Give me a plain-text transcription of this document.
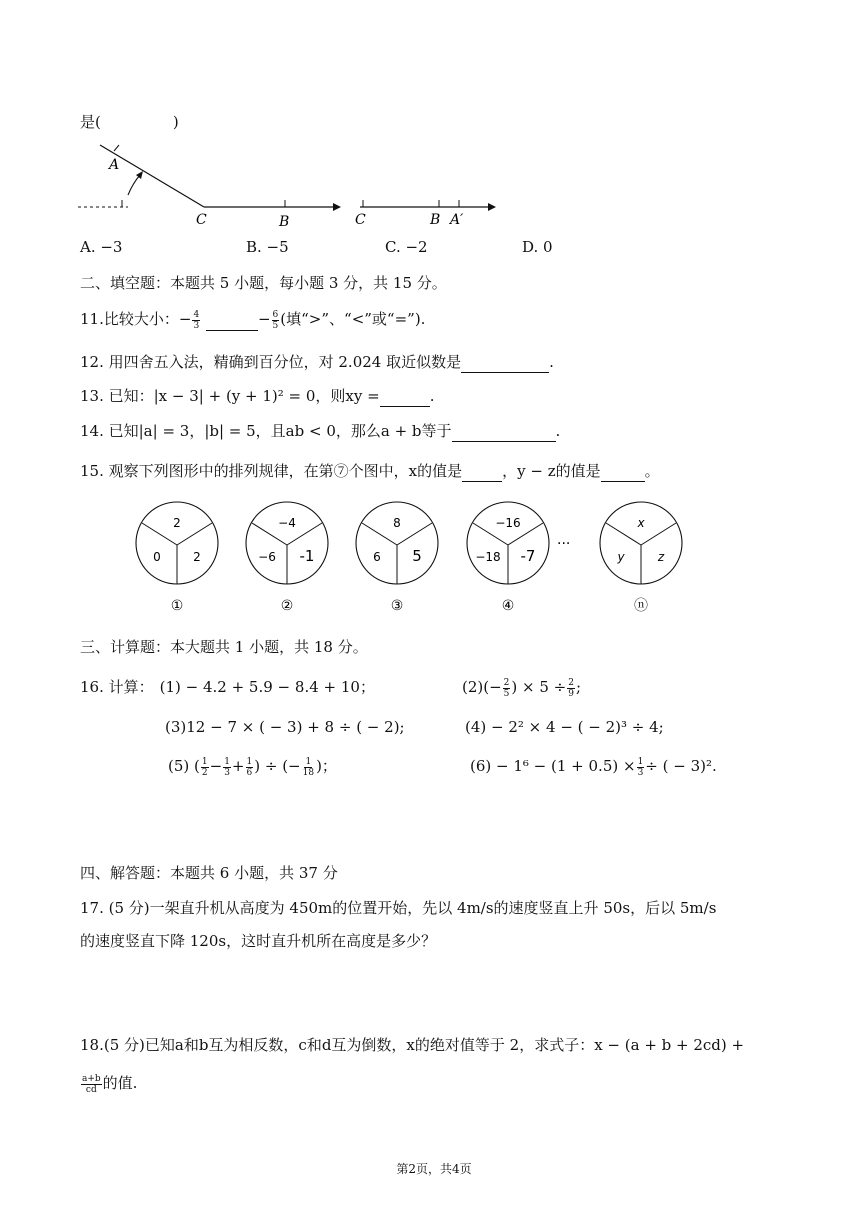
是(	)
A
C	B	C	B A′
A. −3	B. −5	C. −2	D. 0
二、填空题：本题共 5 小题，每小题 3 分，共 15 分。
11.比较大小：− $\frac{4}{3}$	− $\frac{6}{5}$ (填“>”、“<”或“=”).
12. 用四舍五入法，精确到百分位，对 2.024 取近似数是	.
13. 已知：|x − 3| + (y + 1)² = 0，则xy =	.
14. 已知|a| = 3，|b| = 5，且ab < 0，那么a + b等于	.
15. 观察下列图形中的排列规律，在第⑦个图中，x的值是	，y − z的值是	。
2
0	2
①
−4
−6 -1
②
8
6 5
③
−16
−18 -7
④
x
y	z
ⓝ
···
三、计算题：本大题共 1 小题，共 18 分。
16. 计算： (1) − 4.2 + 5.9 − 8.4 + 10；	$(2)(- \frac{2}{5}$ ) × $5 \div \frac{2}{9}$ ;
(3)12 − 7 × ( − 3) + 8 ÷ ( − 2);	(4) − 2² × 4 − ( − 2)³ ÷ 4;
(5) ( $\frac{1}{2} - \frac{1}{3} + \frac{1}{6}$ ) ÷ (− $\frac{1}{18}$ )；	$(6) - 1^6 - (1 + 0.5) \times \frac{1}{3}$ ÷ ( − 3)².
四、解答题：本题共 6 小题，共 37 分
17. (5 分)一架直升机从高度为 450m的位置开始，先以 4m/s的速度竖直上升 50s，后以 5m/s
的速度竖直下降 120s，这时直升机所在高度是多少？
18.(5 分)已知a和b互为相反数，c和d互为倒数，x的绝对值等于 2，求式子：x − (a + b + 2cd) +
$\frac{a+b}{cd}$ 的值.
第2页，共4页
